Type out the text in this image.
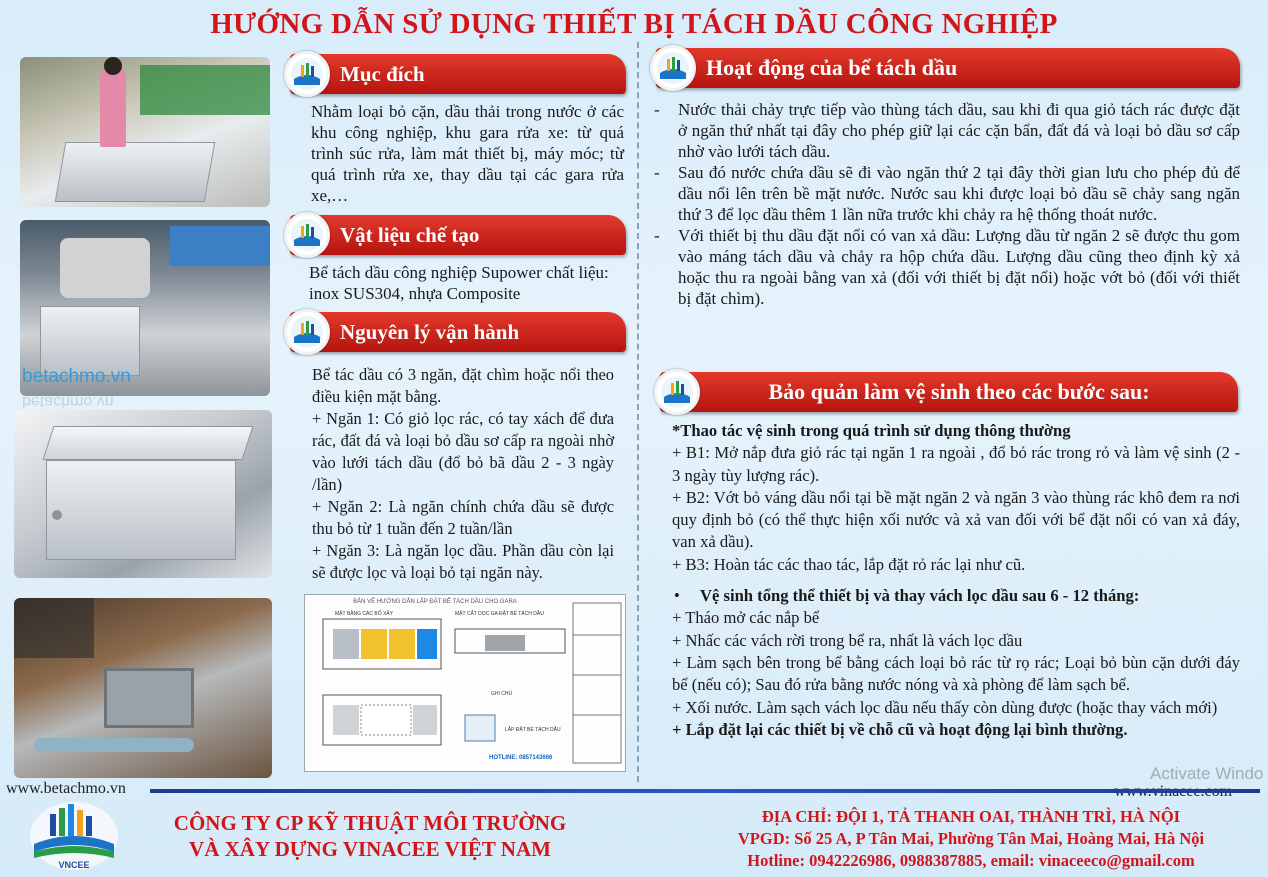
HƯỚNG DẪN SỬ DỤNG THIẾT BỊ TÁCH DẦU CÔNG NGHIỆP
betachmo.vn
betachmo.vn
Mục đích
Nhằm loại bỏ cặn, dầu thải trong nước ở các khu công nghiệp, khu gara rửa xe: từ quá trình súc rửa, làm mát thiết bị, máy móc; từ quá trình rửa xe, thay dầu tại các gara rửa xe,…
Vật liệu chế tạo
Bể tách dầu công nghiệp Supower chất liệu: inox SUS304, nhựa Composite
Nguyên lý vận hành

Bể tác dầu có 3 ngăn, đặt chìm hoặc nổi theo điều kiện mặt bằng.

+ Ngăn 1: Có giỏ lọc rác, có tay xách để đưa rác, đất đá và loại bỏ dầu sơ cấp ra ngoài nhờ vào lưới tách dầu (đổ bỏ bã dầu 2 - 3 ngày /lần)

+ Ngăn 2: Là ngăn chính chứa dầu sẽ được thu bỏ từ 1 tuần đến 2 tuần/lần

+ Ngăn 3: Là ngăn lọc dầu. Phần dầu còn lại sẽ được lọc và loại bỏ tại ngăn này.

BẢN VẼ HƯỚNG DẪN LẮP ĐẶT BỂ TÁCH DẦU CHO GARA
MẶT BẰNG CÁC BỐ XÂY	MẶT CẮT DỌC GA ĐẶT BỂ TÁCH DẦU
GHI CHÚ
LẮP ĐẶT BỂ TÁCH DẦU
HOTLINE: 0857143666
Hoạt động của bể tách dầu
-	Nước thải chảy trực tiếp vào thùng tách dầu, sau khi đi qua giỏ tách rác được đặt ở ngăn thứ nhất tại đây cho phép giữ lại các cặn bẩn, đất đá và loại bỏ dầu sơ cấp nhờ vào lưới tách dầu.
-	Sau đó nước chứa dầu sẽ đi vào ngăn thứ 2 tại đây thời gian lưu cho phép đủ để dầu nổi lên trên bề mặt nước. Nước sau khi được loại bỏ dầu sẽ chảy sang ngăn thứ 3 để lọc dầu thêm 1 lần nữa trước khi chảy ra hệ thống thoát nước.
-	Với thiết bị thu dầu đặt nổi có van xả dầu: Lượng dầu từ ngăn 2 sẽ được thu gom vào máng tách dầu và chảy ra hộp chứa dầu. Lượng dầu cũng theo định kỳ xả hoặc thu ra ngoài bằng van xả (đối với thiết bị đặt nổi) hoặc vớt bỏ (đối với thiết bị đặt chìm).
Bảo quản làm vệ sinh theo các bước sau:

*Thao tác vệ sinh trong quá trình sử dụng thông thường

+ B1: Mở nắp đưa giỏ rác tại ngăn 1 ra ngoài , đổ bỏ rác trong rỏ và làm vệ sinh (2 - 3 ngày tùy lượng rác).

+ B2: Vớt bỏ váng dầu nổi tại bề mặt ngăn 2 và ngăn 3 vào thùng rác khô đem ra nơi quy định bỏ (có thể thực hiện xối nước và xả van đối với bể đặt nổi có van xả đáy, van xả dầu).

+ B3: Hoàn tác các thao tác, lắp đặt rỏ rác lại như cũ.

•	Vệ sinh tổng thể thiết bị và thay vách lọc dầu sau 6 - 12 tháng:

+ Tháo mở các nắp bể

+ Nhấc các vách rời trong bể ra, nhất là vách lọc dầu

+ Làm sạch bên trong bể bằng cách loại bỏ rác từ rọ rác; Loại bỏ bùn cặn dưới đáy bể (nếu có); Sau đó rửa bằng nước nóng và xà phòng để làm sạch bể.

+ Xối nước. Làm sạch vách lọc dầu nếu thấy còn dùng được (hoặc thay vách mới)

+ Lắp đặt lại các thiết bị về chỗ cũ và hoạt động lại bình thường.

Activate Windo
www.betachmo.vn
VNCEE
CÔNG TY CP KỸ THUẬT MÔI TRƯỜNG
VÀ XÂY DỰNG VINACEE VIỆT NAM
ĐỊA CHỈ: ĐỘI 1, TẢ THANH OAI, THÀNH TRÌ, HÀ NỘI
VPGD: Số 25 A, P Tân Mai, Phường Tân Mai, Hoàng Mai, Hà Nội
Hotline: 0942226986, 0988387885, email: vinaceeco@gmail.com
